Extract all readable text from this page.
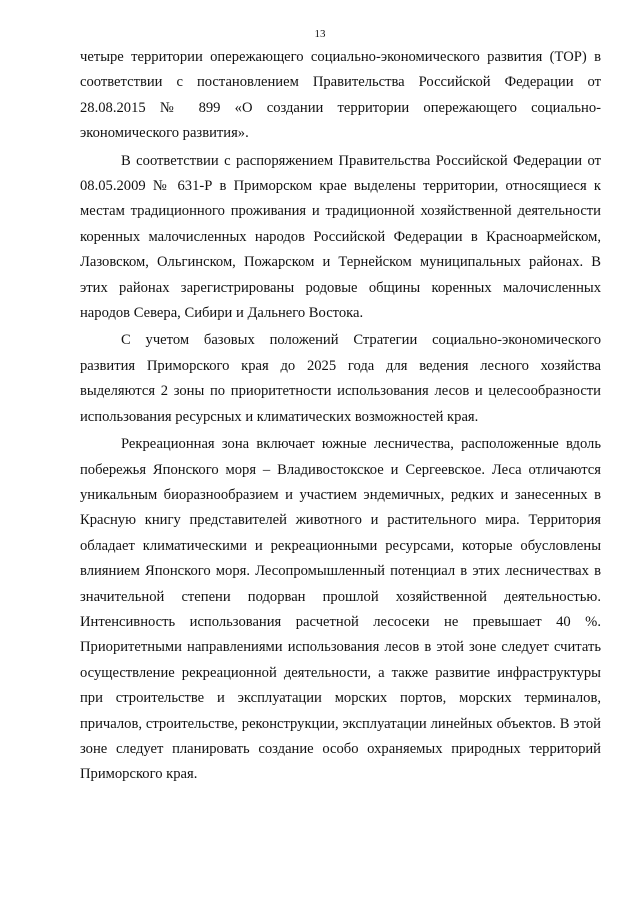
13

четыре территории опережающего социально-экономического развития (ТОР) в соответствии с постановлением Правительства Российской Федерации от 28.08.2015 № 899 «О создании территории опережающего социально-экономического развития».

В соответствии с распоряжением Правительства Российской Федерации от 08.05.2009 № 631-Р в Приморском крае выделены территории, относящиеся к местам традиционного проживания и традиционной хозяйственной деятельности коренных малочисленных народов Российской Федерации в Красноармейском, Лазовском, Ольгинском, Пожарском и Тернейском муниципальных районах. В этих районах зарегистрированы родовые общины коренных малочисленных народов Севера, Сибири и Дальнего Востока.

С учетом базовых положений Стратегии социально-экономического развития Приморского края до 2025 года для ведения лесного хозяйства выделяются 2 зоны по приоритетности использования лесов и целесообразности использования ресурсных и климатических возможностей края.

Рекреационная зона включает южные лесничества, расположенные вдоль побережья Японского моря – Владивостокское и Сергеевское. Леса отличаются уникальным биоразнообразием и участием эндемичных, редких и занесенных в Красную книгу представителей животного и растительного мира. Территория обладает климатическими и рекреационными ресурсами, которые обусловлены влиянием Японского моря. Лесопромышленный потенциал в этих лесничествах в значительной степени подорван прошлой хозяйственной деятельностью. Интенсивность использования расчетной лесосеки не превышает 40 %. Приоритетными направлениями использования лесов в этой зоне следует считать осуществление рекреационной деятельности, а также развитие инфраструктуры при строительстве и эксплуатации морских портов, морских терминалов, причалов, строительстве, реконструкции, эксплуатации линейных объектов. В этой зоне следует планировать создание особо охраняемых природных территорий Приморского края.
